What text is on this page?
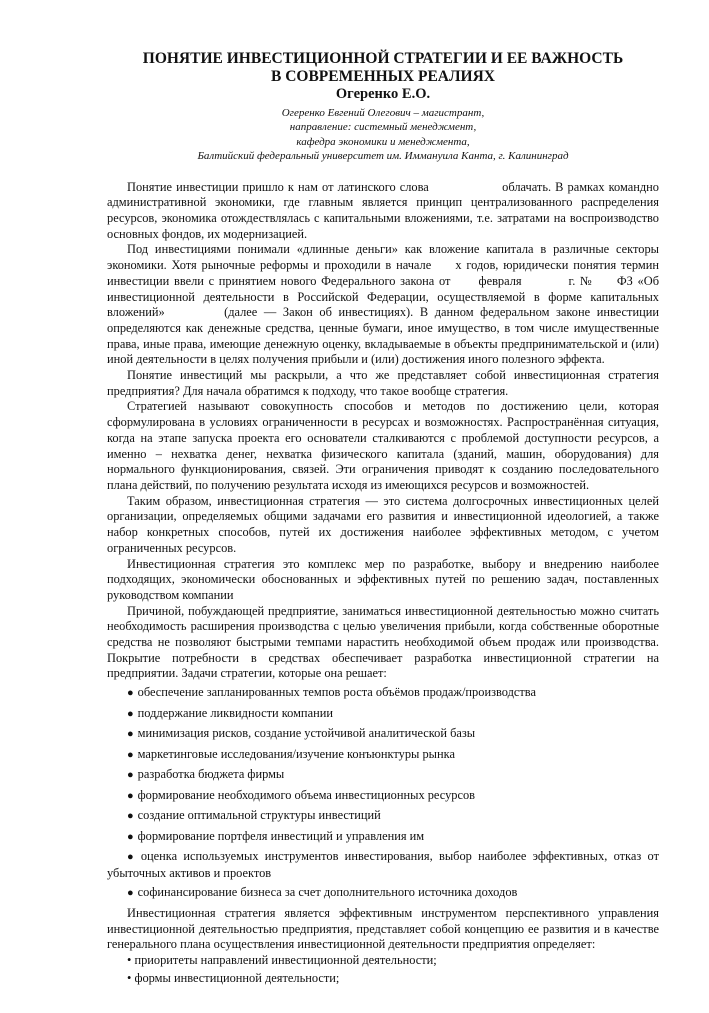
ПОНЯТИЕ ИНВЕСТИЦИОННОЙ СТРАТЕГИИ И ЕЕ ВАЖНОСТЬ
В СОВРЕМЕННЫХ РЕАЛИЯХ
Огеренко Е.О.
Огеренко Евгений Олегович – магистрант,
направление: системный менеджмент,
кафедра экономики и менеджмента,
Балтийский федеральный университет им. Иммануила Канта, г. Калининград

Понятие инвестиции пришло к нам от латинского слова                  облачать. В рамках командно административной экономики, где главным является принцип централизованного распределения ресурсов, экономика отождествлялась с капитальными вложениями, т.е. затратами на воспроизводство основных фондов, их модернизацией.

Под инвестициями понимали «длинные деньги» как вложение капитала в различные секторы экономики. Хотя рыночные реформы и проходили в начале     х годов, юридически понятия термин инвестиции ввели с принятием нового Федерального закона от      февраля          г. №     ФЗ «Об инвестиционной деятельности в Российской Федерации, осуществляемой в форме капитальных вложений»         (далее — Закон об инвестициях). В данном федеральном законе инвестиции определяются как денежные средства, ценные бумаги, иное имущество, в том числе имущественные права, иные права, имеющие денежную оценку, вкладываемые в объекты предпринимательской и (или) иной деятельности в целях получения прибыли и (или) достижения иного полезного эффекта.

Понятие инвестиций мы раскрыли, а что же представляет собой инвестиционная стратегия предприятия? Для начала обратимся к подходу, что такое вообще стратегия.

Стратегией называют совокупность способов и методов по достижению цели, которая сформулирована в условиях ограниченности в ресурсах и возможностях. Распространённая ситуация, когда на этапе запуска проекта его основатели сталкиваются с проблемой доступности ресурсов, а именно – нехватка денег, нехватка физического капитала (зданий, машин, оборудования) для нормального функционирования, связей. Эти ограничения приводят к созданию последовательного плана действий, по получению результата исходя из имеющихся ресурсов и возможностей.

Таким образом, инвестиционная стратегия — это система долгосрочных инвестиционных целей организации, определяемых общими задачами его развития и инвестиционной идеологией, а также набор конкретных способов, путей их достижения наиболее эффективных методом, с учетом ограниченных ресурсов.

Инвестиционная стратегия это комплекс мер по разработке, выбору и внедрению наиболее подходящих, экономически обоснованных и эффективных путей по решению задач, поставленных руководством компании

Причиной, побуждающей предприятие, заниматься инвестиционной деятельностью можно считать     необходимость расширения производства с целью увеличения прибыли, когда собственные оборотные средства не позволяют быстрыми темпами нарастить необходимой объем продаж или производства. Покрытие потребности в средствах обеспечивает разработка инвестиционной стратегии на предприятии. Задачи стратегии, которые она решает:

● обеспечение запланированных темпов роста объёмов продаж/производства
● поддержание ликвидности компании
● минимизация рисков, создание устойчивой аналитической базы
● маркетинговые исследования/изучение конъюнктуры рынка
● разработка бюджета фирмы
● формирование необходимого объема инвестиционных ресурсов
● создание оптимальной структуры инвестиций
● формирование портфеля инвестиций и управления им
● оценка используемых инструментов инвестирования, выбор наиболее эффективных, отказ от убыточных активов и проектов
● софинансирование бизнеса за счет дополнительного источника доходов

Инвестиционная стратегия является эффективным инструментом перспективного управления инвестиционной деятельностью предприятия, представляет собой концепцию ее развития и в качестве генерального плана осуществления инвестиционной деятельности предприятия определяет:

• приоритеты направлений инвестиционной деятельности;
• формы инвестиционной деятельности;
